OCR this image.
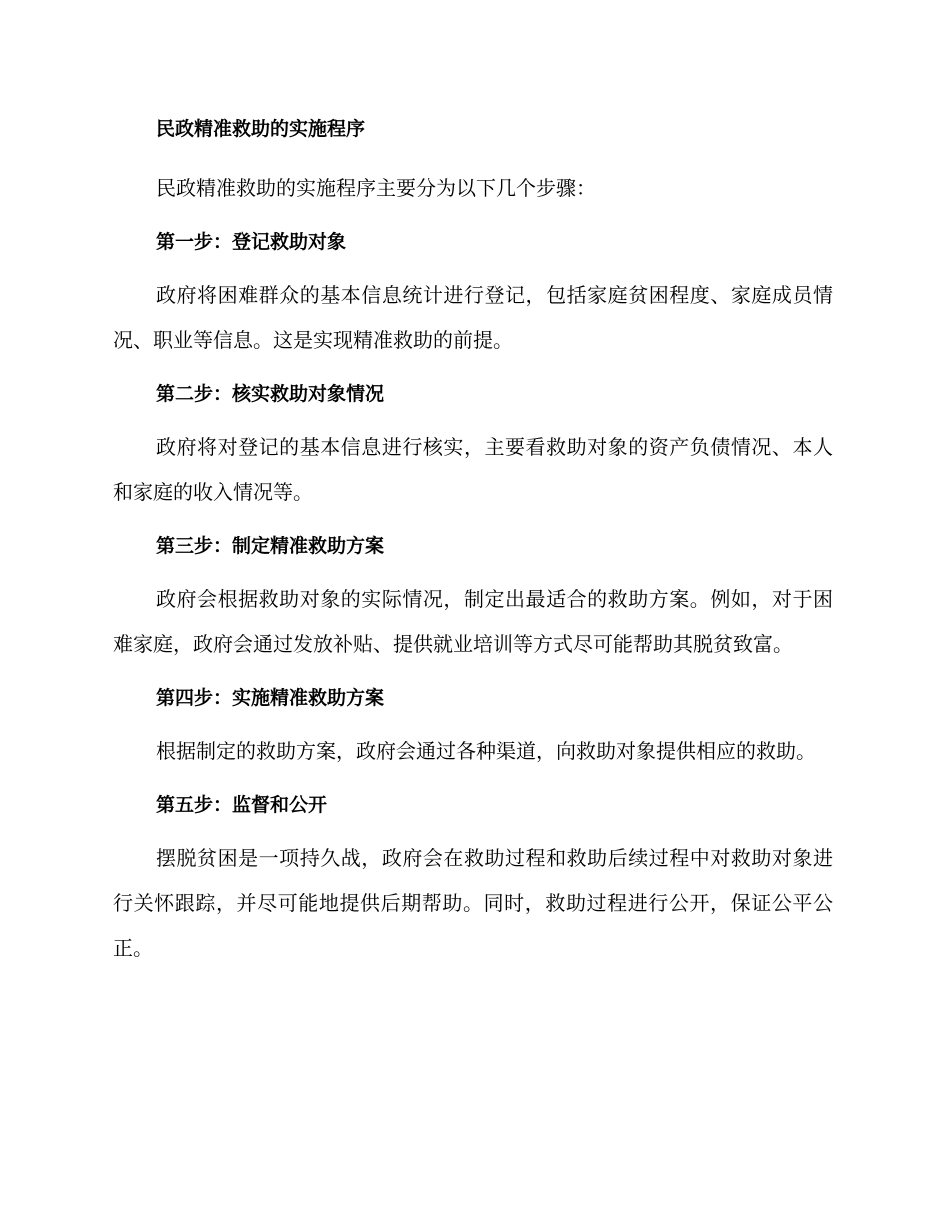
民政精准救助的实施程序

民政精准救助的实施程序主要分为以下几个步骤：

第一步：登记救助对象

政府将困难群众的基本信息统计进行登记，包括家庭贫困程度、家庭成员情况、职业等信息。这是实现精准救助的前提。

第二步：核实救助对象情况

政府将对登记的基本信息进行核实，主要看救助对象的资产负债情况、本人和家庭的收入情况等。

第三步：制定精准救助方案

政府会根据救助对象的实际情况，制定出最适合的救助方案。例如，对于困难家庭，政府会通过发放补贴、提供就业培训等方式尽可能帮助其脱贫致富。

第四步：实施精准救助方案

根据制定的救助方案，政府会通过各种渠道，向救助对象提供相应的救助。

第五步：监督和公开

摆脱贫困是一项持久战，政府会在救助过程和救助后续过程中对救助对象进行关怀跟踪，并尽可能地提供后期帮助。同时，救助过程进行公开，保证公平公正。
